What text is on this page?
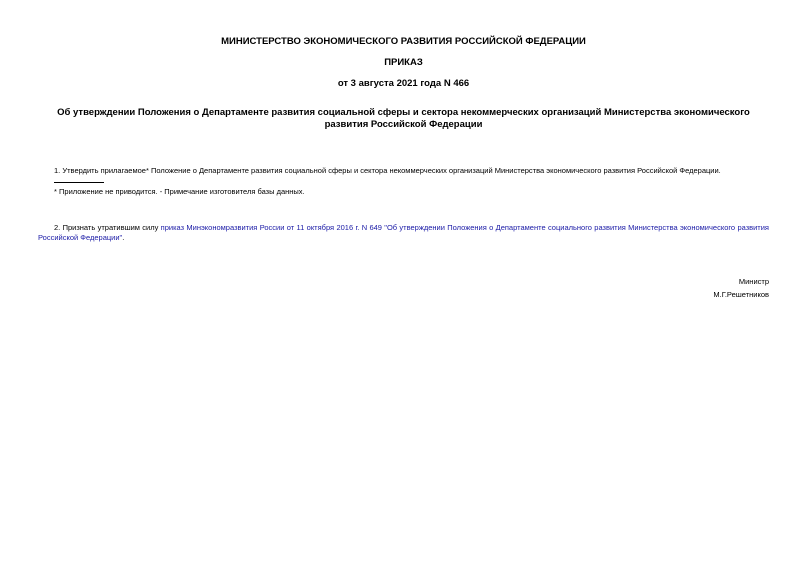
МИНИСТЕРСТВО ЭКОНОМИЧЕСКОГО РАЗВИТИЯ РОССИЙСКОЙ ФЕДЕРАЦИИ
ПРИКАЗ
от 3 августа 2021 года N 466
Об утверждении Положения о Департаменте развития социальной сферы и сектора некоммерческих организаций Министерства экономического развития Российской Федерации
1. Утвердить прилагаемое* Положение о Департаменте развития социальной сферы и сектора некоммерческих организаций Министерства экономического развития Российской Федерации.
* Приложение не приводится. - Примечание изготовителя базы данных.
2. Признать утратившим силу приказ Минэкономразвития России от 11 октября 2016 г. N 649 "Об утверждении Положения о Департаменте социального развития Министерства экономического развития Российской Федерации".
Министр
М.Г.Решетников
